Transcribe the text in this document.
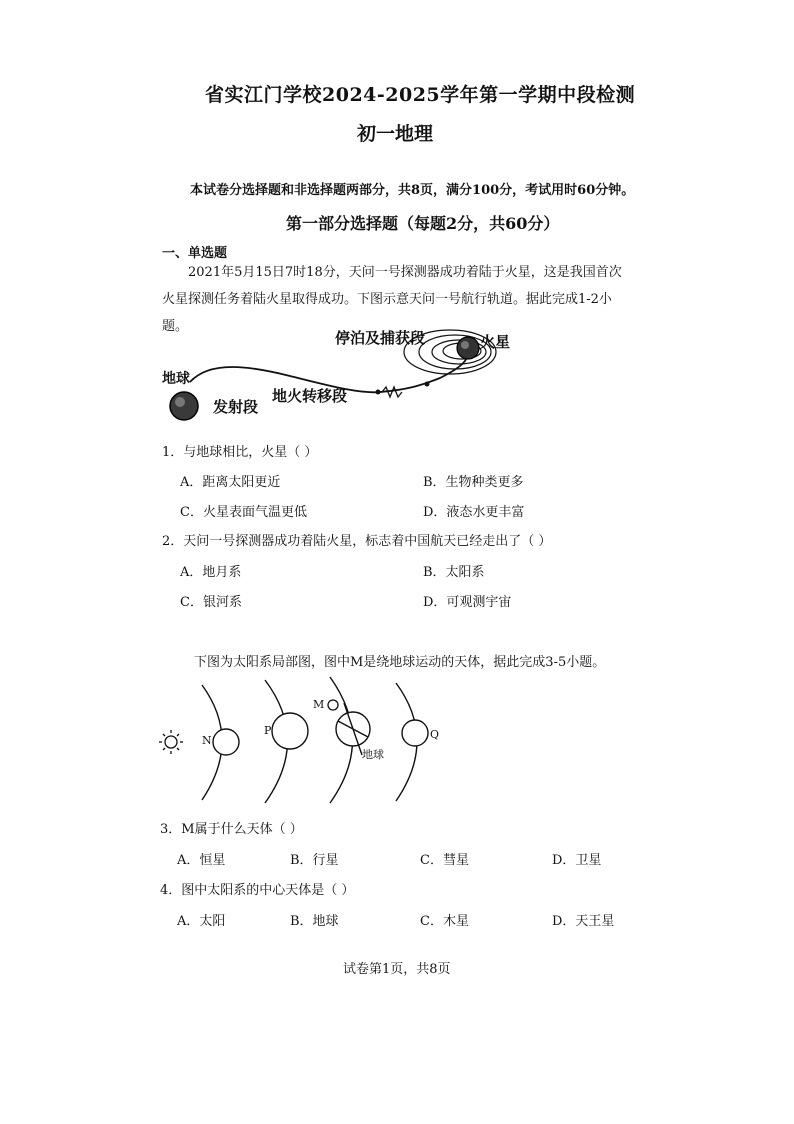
省实江门学校2024-2025学年第一学期中段检测
初一地理
本试卷分选择题和非选择题两部分，共8页，满分100分，考试用时60分钟。
第一部分选择题（每题2分，共60分）
一、单选题
2021年5月15日7时18分，天问一号探测器成功着陆于火星，这是我国首次火星探测任务着陆火星取得成功。下图示意天问一号航行轨道。据此完成1-2小题。
地球
发射段
地火转移段
停泊及捕获段	火星
1．与地球相比，火星（ ）
A．距离太阳更近	B．生物种类更多
C．火星表面气温更低	D．液态水更丰富
2．天问一号探测器成功着陆火星，标志着中国航天已经走出了（ ）
A．地月系	B．太阳系
C．银河系	D．可观测宇宙
下图为太阳系局部图，图中M是绕地球运动的天体，据此完成3-5小题。
N
P
M
地球
Q
3．M属于什么天体（ ）
A．恒星	B．行星	C．彗星	D．卫星
4．图中太阳系的中心天体是（ ）
A．太阳	B．地球	C．木星	D．天王星
试卷第1页，共8页
